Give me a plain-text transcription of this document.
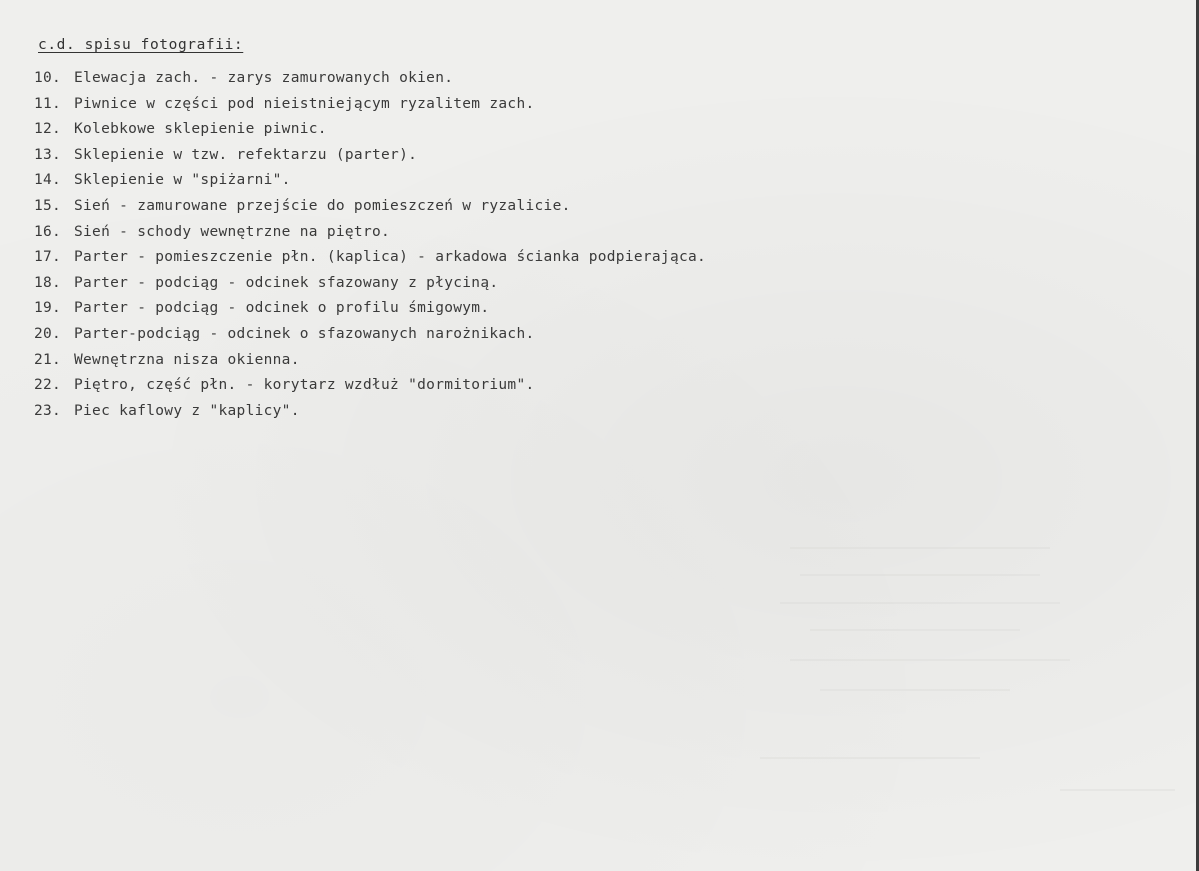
c.d. spisu fotografii:
10. Elewacja zach. - zarys zamurowanych okien.
11. Piwnice w części pod nieistniejącym ryzalitem zach.
12. Kolebkowe sklepienie piwnic.
13. Sklepienie w tzw. refektarzu (parter).
14. Sklepienie w "spiżarni".
15. Sień - zamurowane przejście do pomieszczeń w ryzalicie.
16. Sień - schody wewnętrzne na piętro.
17. Parter - pomieszczenie płn. (kaplica) - arkadowa ścianka podpierająca.
18. Parter - podciąg - odcinek sfazowany z płyciną.
19. Parter - podciąg - odcinek o profilu śmigowym.
20. Parter-podciąg - odcinek o sfazowanych narożnikach.
21. Wewnętrzna nisza okienna.
22. Piętro, część płn. - korytarz wzdłuż "dormitorium".
23. Piec kaflowy z "kaplicy".
